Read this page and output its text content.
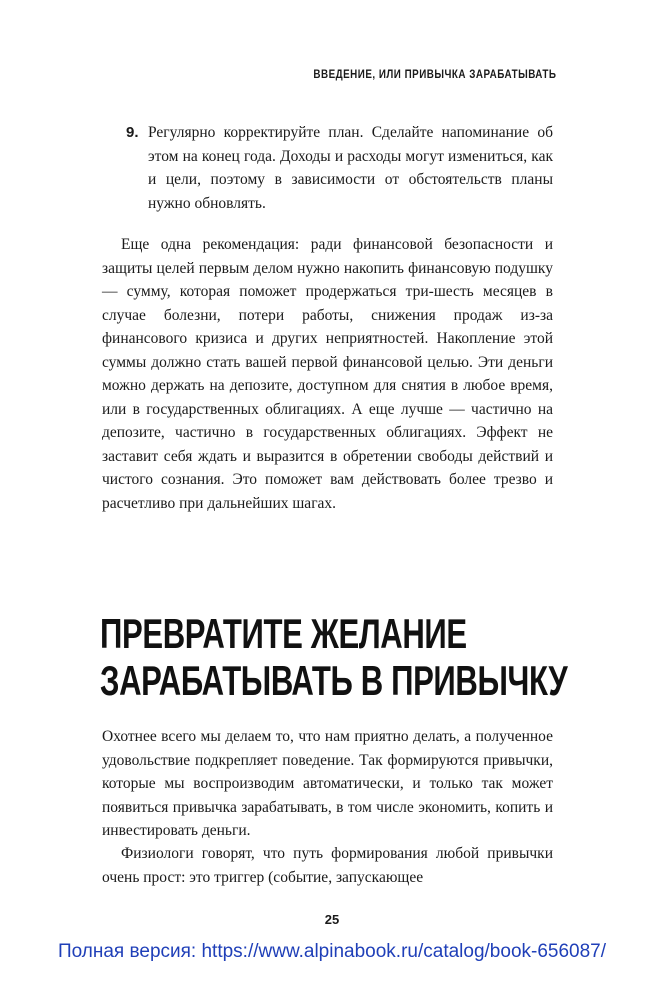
ВВЕДЕНИЕ, ИЛИ ПРИВЫЧКА ЗАРАБАТЫВАТЬ
9. Регулярно корректируйте план. Сделайте напоминание об этом на конец года. Доходы и расходы могут измениться, как и цели, поэтому в зависимости от обстоятельств планы нужно обновлять.
Еще одна рекомендация: ради финансовой безопасности и защиты целей первым делом нужно накопить финансовую подушку — сумму, которая поможет продержаться три-шесть месяцев в случае болезни, потери работы, снижения продаж из-за финансового кризиса и других неприятностей. Накопление этой суммы должно стать вашей первой финансовой целью. Эти деньги можно держать на депозите, доступном для снятия в любое время, или в государственных облигациях. А еще лучше — частично на депозите, частично в государственных облигациях. Эффект не заставит себя ждать и выразится в обретении свободы действий и чистого сознания. Это поможет вам действовать более трезво и расчетливо при дальнейших шагах.
ПРЕВРАТИТЕ ЖЕЛАНИЕ
ЗАРАБАТЫВАТЬ В ПРИВЫЧКУ
Охотнее всего мы делаем то, что нам приятно делать, а полученное удовольствие подкрепляет поведение. Так формируются привычки, которые мы воспроизводим автоматически, и только так может появиться привычка зарабатывать, в том числе экономить, копить и инвестировать деньги.
Физиологи говорят, что путь формирования любой привычки очень прост: это триггер (событие, запускающее
25
Полная версия: https://www.alpinabook.ru/catalog/book-656087/
